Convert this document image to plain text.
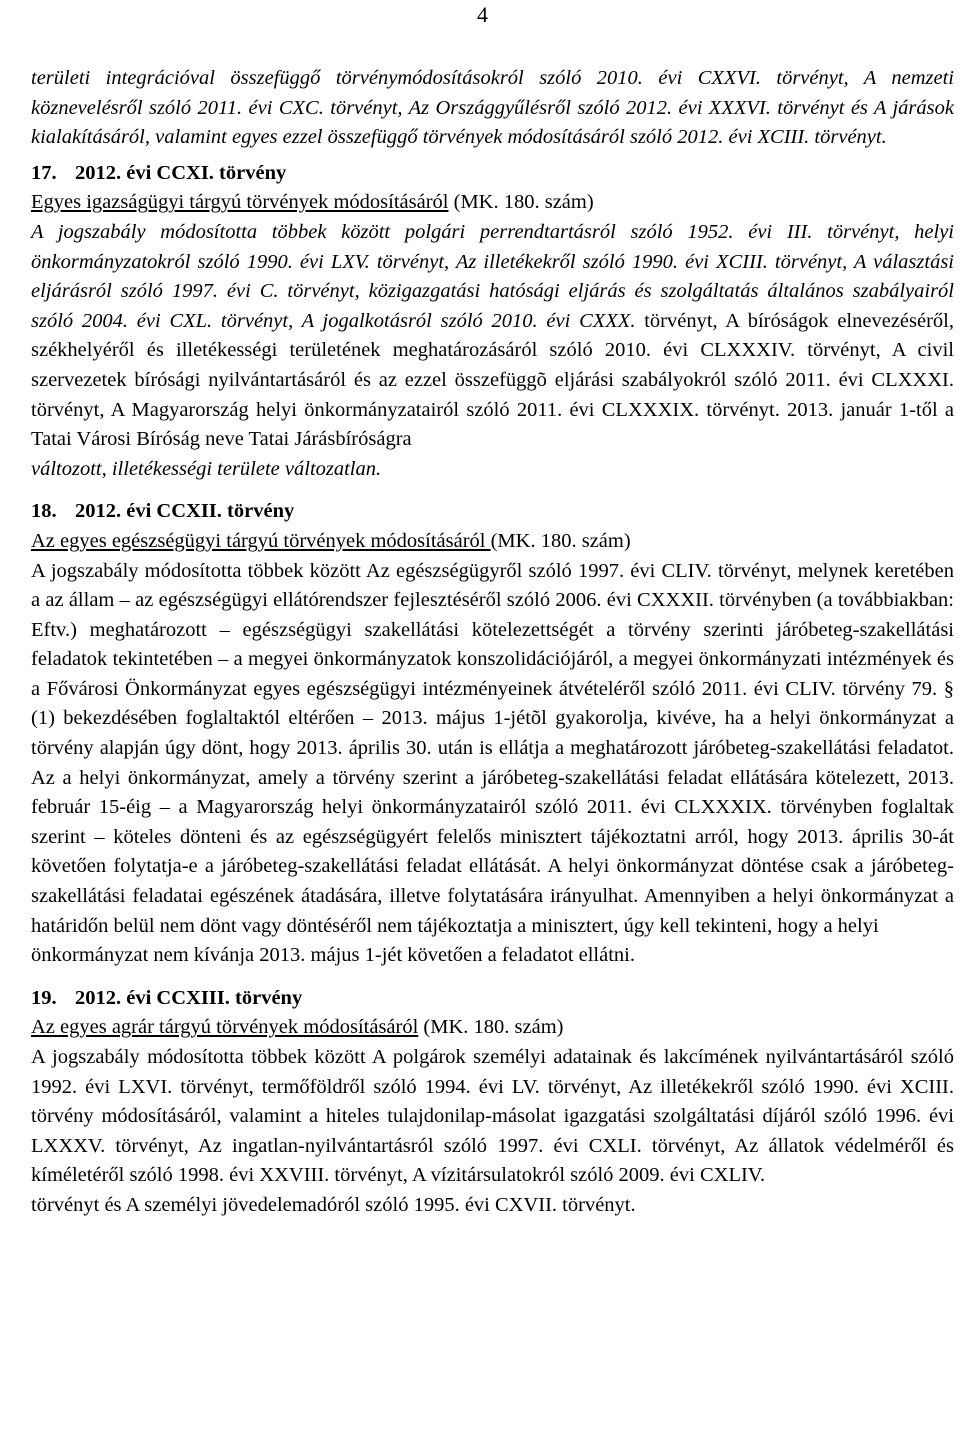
4

területi integrációval összefüggő törvénymódosításokról szóló 2010. évi CXXVI. törvényt, A nemzeti köznevelésről szóló 2011. évi CXC. törvényt, Az Országgyűlésről szóló 2012. évi XXXVI. törvényt és A járások kialakításáról, valamint egyes ezzel összefüggő törvények módosításáról szóló 2012. évi XCIII. törvényt.

17. 2012. évi CCXI. törvény

Egyes igazságügyi tárgyú törvények módosításáról (MK. 180. szám)

A jogszabály módosította többek között polgári perrendtartásról szóló 1952. évi III. törvényt, helyi önkormányzatokról szóló 1990. évi LXV. törvényt, Az illetékekről szóló 1990. évi XCIII. törvényt, A választási eljárásról szóló 1997. évi C. törvényt, közigazgatási hatósági eljárás és szolgáltatás általános szabályairól szóló 2004. évi CXL. törvényt, A jogalkotásról szóló 2010. évi CXXX. törvényt, A bíróságok elnevezéséről, székhelyéről és illetékességi területének meghatározásáról szóló 2010. évi CLXXXIV. törvényt, A civil szervezetek bírósági nyilvántartásáról és az ezzel összefüggõ eljárási szabályokról szóló 2011. évi CLXXXI. törvényt, A Magyarország helyi önkormányzatairól szóló 2011. évi CLXXXIX. törvényt. 2013. január 1-től a Tatai Városi Bíróság neve Tatai Járásbíróságra

változott, illetékességi területe változatlan.

18. 2012. évi CCXII. törvény

Az egyes egészségügyi tárgyú törvények módosításáról (MK. 180. szám)

A jogszabály módosította többek között Az egészségügyről szóló 1997. évi CLIV. törvényt, melynek keretében a az állam – az egészségügyi ellátórendszer fejlesztéséről szóló 2006. évi CXXXII. törvényben (a továbbiakban: Eftv.) meghatározott – egészségügyi szakellátási kötelezettségét a törvény szerinti járóbeteg-szakellátási feladatok tekintetében – a megyei önkormányzatok konszolidációjáról, a megyei önkormányzati intézmények és a Fővárosi Önkormányzat egyes egészségügyi intézményeinek átvételéről szóló 2011. évi CLIV. törvény 79. § (1) bekezdésében foglaltaktól eltérően – 2013. május 1-jétõl gyakorolja, kivéve, ha a helyi önkormányzat a törvény alapján úgy dönt, hogy 2013. április 30. után is ellátja a meghatározott járóbeteg-szakellátási feladatot. Az a helyi önkormányzat, amely a törvény szerint a járóbeteg-szakellátási feladat ellátására kötelezett, 2013. február 15-éig – a Magyarország helyi önkormányzatairól szóló 2011. évi CLXXXIX. törvényben foglaltak szerint – köteles dönteni és az egészségügyért felelős minisztert tájékoztatni arról, hogy 2013. április 30-át követően folytatja-e a járóbeteg-szakellátási feladat ellátását. A helyi önkormányzat döntése csak a járóbeteg-szakellátási feladatai egészének átadására, illetve folytatására irányulhat. Amennyiben a helyi önkormányzat a határidőn belül nem dönt vagy döntéséről nem tájékoztatja a minisztert, úgy kell tekinteni, hogy a helyi

önkormányzat nem kívánja 2013. május 1-jét követően a feladatot ellátni.

19. 2012. évi CCXIII. törvény

Az egyes agrár tárgyú törvények módosításáról (MK. 180. szám)

A jogszabály módosította többek között A polgárok személyi adatainak és lakcímének nyilvántartásáról szóló 1992. évi LXVI. törvényt, termőföldről szóló 1994. évi LV. törvényt, Az illetékekről szóló 1990. évi XCIII. törvény módosításáról, valamint a hiteles tulajdonilap-másolat igazgatási szolgáltatási díjáról szóló 1996. évi LXXXV. törvényt, Az ingatlan-nyilvántartásról szóló 1997. évi CXLI. törvényt, Az állatok védelméről és kíméletéről szóló 1998. évi XXVIII. törvényt, A vízitársulatokról szóló 2009. évi CXLIV.

törvényt és A személyi jövedelemadóról szóló 1995. évi CXVII. törvényt.
